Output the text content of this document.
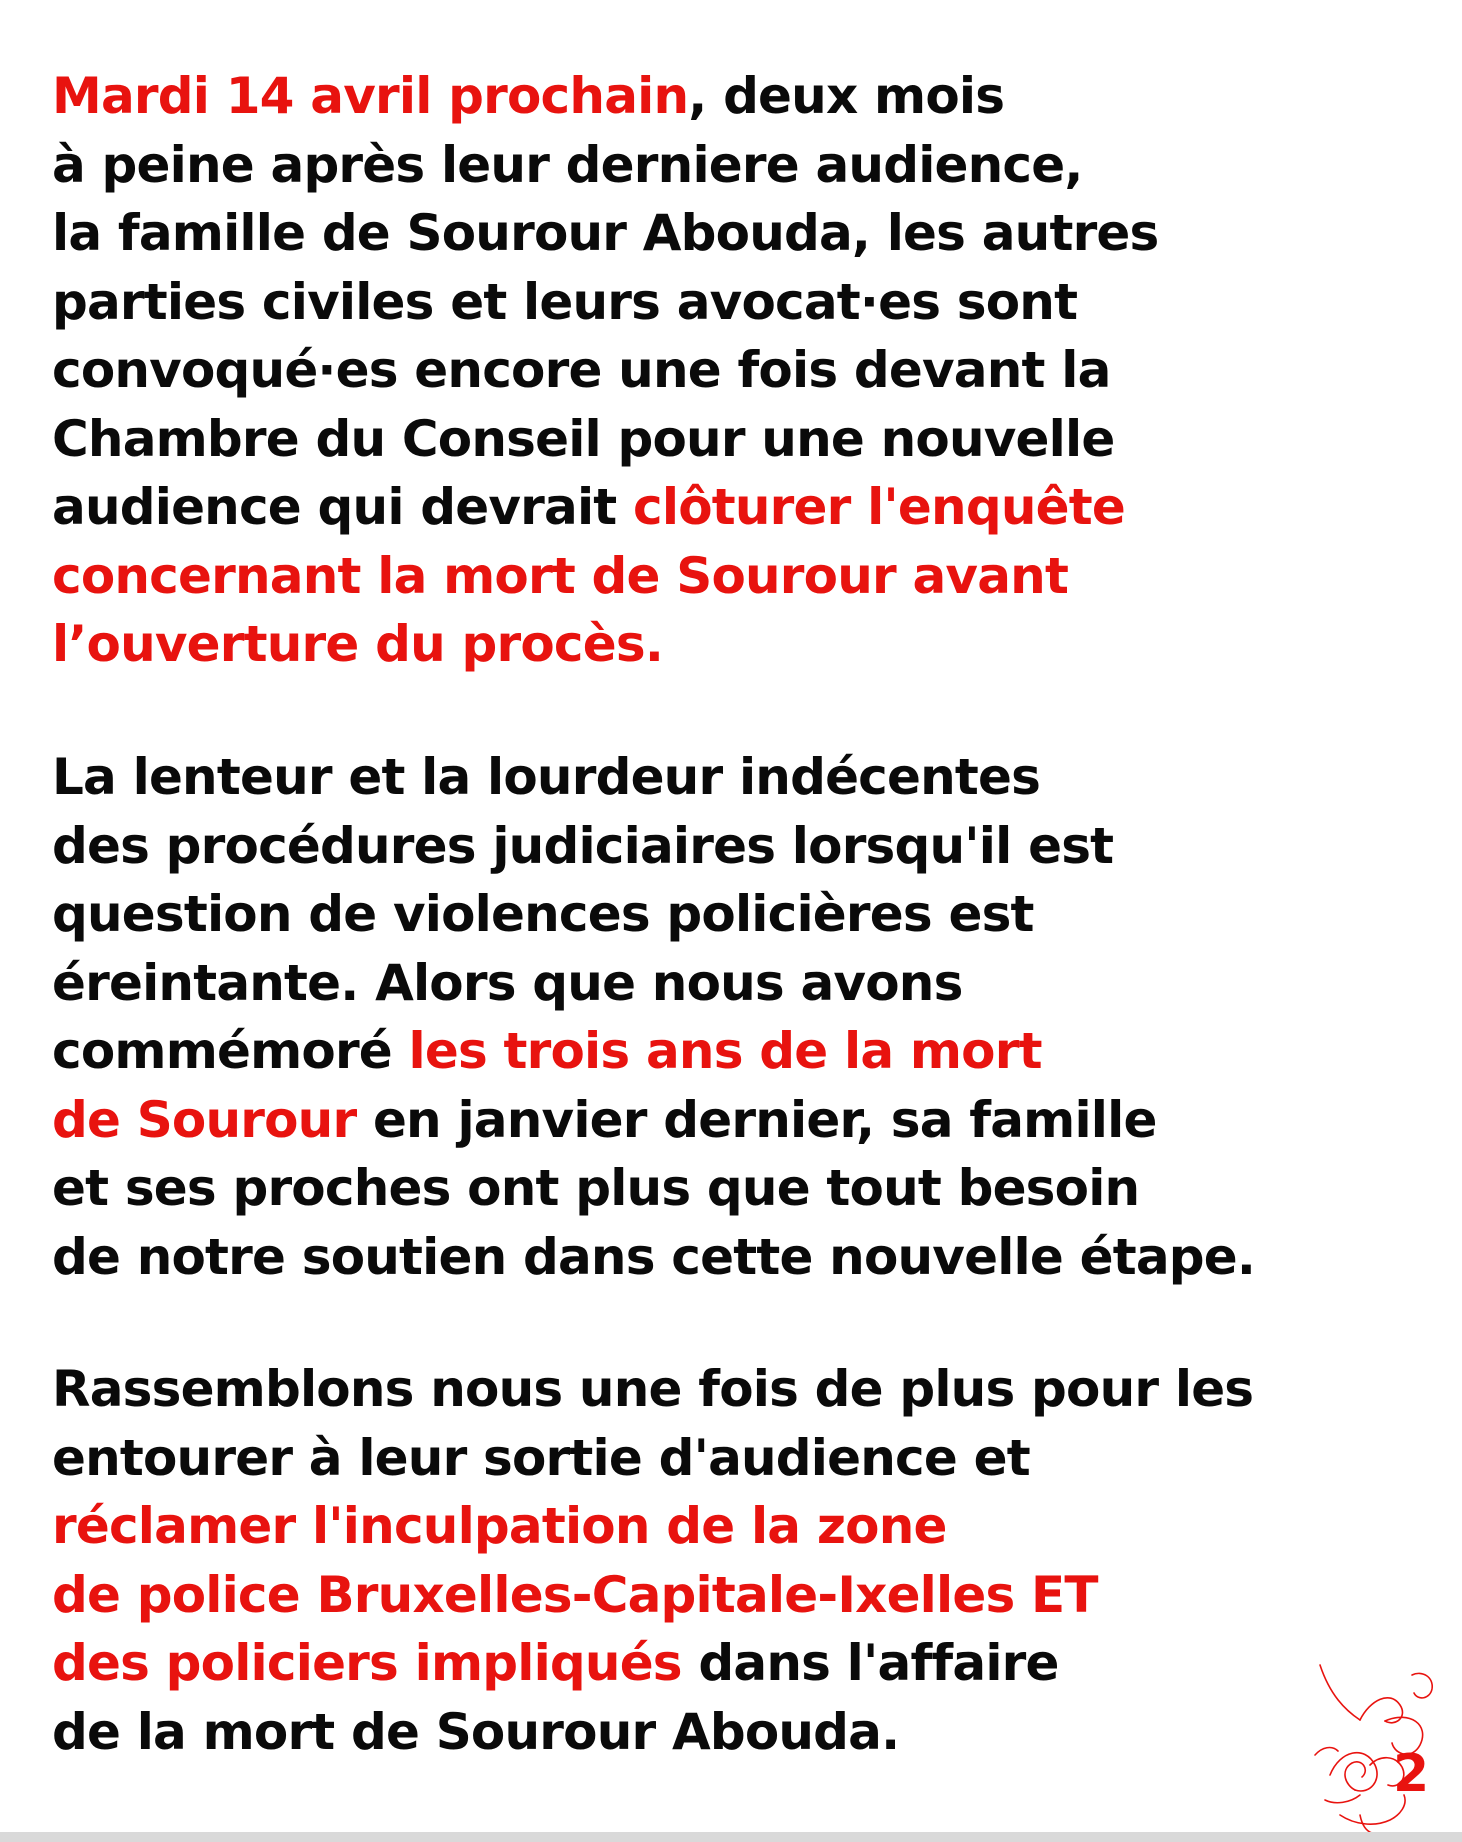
Mardi 14 avril prochain, deux mois
à peine après leur derniere audience,
la famille de Sourour Abouda, les autres
parties civiles et leurs avocat·es sont
convoqué·es encore une fois devant la
Chambre du Conseil pour une nouvelle
audience qui devrait clôturer l'enquête
concernant la mort de Sourour avant
l’ouverture du procès.

La lenteur et la lourdeur indécentes
des procédures judiciaires lorsqu'il est
question de violences policières est
éreintante. Alors que nous avons
commémoré les trois ans de la mort
de Sourour en janvier dernier, sa famille
et ses proches ont plus que tout besoin
de notre soutien dans cette nouvelle étape.

Rassemblons nous une fois de plus pour les
entourer à leur sortie d'audience et
réclamer l'inculpation de la zone
de police Bruxelles-Capitale-Ixelles ET
des policiers impliqués dans l'affaire
de la mort de Sourour Abouda.

2
